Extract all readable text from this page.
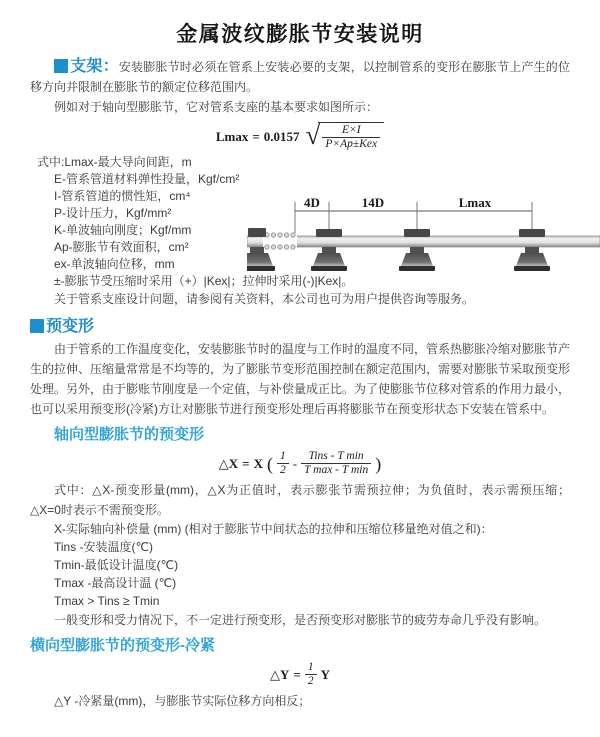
金属波纹膨胀节安装说明

支架：安装膨胀节时必须在管系上安装必要的支架，以控制管系的变形在膨胀节上产生的位移方向并限制在膨胀节的额定位移范围内。

例如对于轴向型膨胀节，它对管系支座的基本要求如图所示：

Lmax = 0.0157 √ $\frac{E\times I}{\text{P×Ap±Kex}}$
式中:Lmax-最大导向间距，m
E-管系管道材料弹性投量，Kgf/cm²
I-管系管道的惯性矩，cm⁴
P-设计压力，Kgf/mm²
K-单波轴向刚度；Kgf/mm
Ap-膨胀节有效面积，cm²
ex-单波轴向位移，mm
±-膨胀节受压缩时采用（+）|Kex|；拉伸时采用(-)|Kex|。
关于管系支座设计问题，请参阅有关资料，本公司也可为用户提供咨询等服务。
预变形

由于管系的工作温度变化，安装膨胀节时的温度与工作时的温度不同，管系热膨胀冷缩对膨胀节产生的拉伸、压缩量常常是不均等的，为了膨胀节变形范围控制在额定范围内，需要对膨胀节采取预变形处理。另外，由于膨账节刚度是一个定值，与补偿量成正比。为了使膨胀节位移对管系的作用力最小，也可以采用预变形(冷紧)方让对膨胀节进行预变形处理后再将膨胀节在预变形状态下安装在管系中。

轴向型膨胀节的预变形
△X = X ( $\frac{1}{2} - \frac{\text{Tins - T min}}{\text{T max - T min}}$ )

式中：△X-预变形量(mm)，△X为正值时，表示膨张节需预拉伸；为负值时，表示需预压缩；△X=0时表示不需预变形。

X-实际轴向补偿量 (mm) (相对于膨胀节中间状态的拉伸和压缩位移量绝对值之和)：
Tins -安装温度(℃)
Tmin-最低设计温度(℃)
Tmax -最高设计温 (℃)
Tmax > Tins ≥ Tmin

一般变形和受力情况下，不一定进行预变形，是否预变形对膨胀节的疲劳寿命几乎没有影响。

横向型膨胀节的预变形-冷紧
△Y = $\frac{1}{2}$ Y
△Y -冷紧量(mm)，与膨胀节实际位移方向相反；
4D	14D	Lmax
